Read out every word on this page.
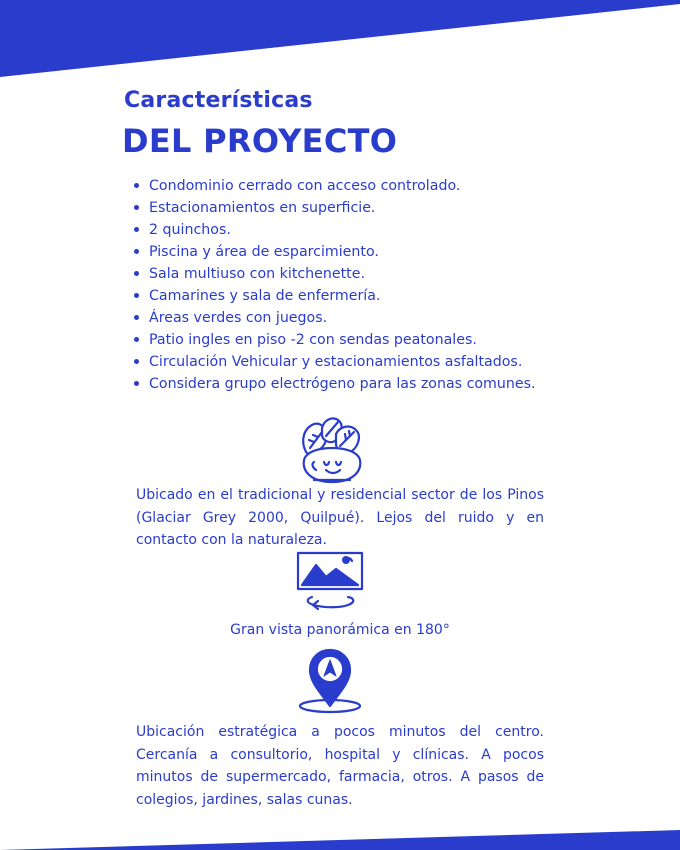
Características
DEL PROYECTO
Condominio cerrado con acceso controlado.
Estacionamientos en superficie.
2 quinchos.
Piscina y área de esparcimiento.
Sala multiuso con kitchenette.
Camarines y sala de enfermería.
Áreas verdes con juegos.
Patio ingles en piso -2 con sendas peatonales.
Circulación Vehicular y estacionamientos asfaltados.
Considera grupo electrógeno para las zonas comunes.
Ubicado en el tradicional y residencial sector de los Pinos (Glaciar Grey 2000, Quilpué). Lejos del ruido y en contacto con la naturaleza.
Gran vista panorámica en 180°
Ubicación estratégica a pocos minutos del centro. Cercanía a consultorio, hospital y clínicas. A pocos minutos de supermercado, farmacia, otros. A pasos de colegios, jardines, salas cunas.
